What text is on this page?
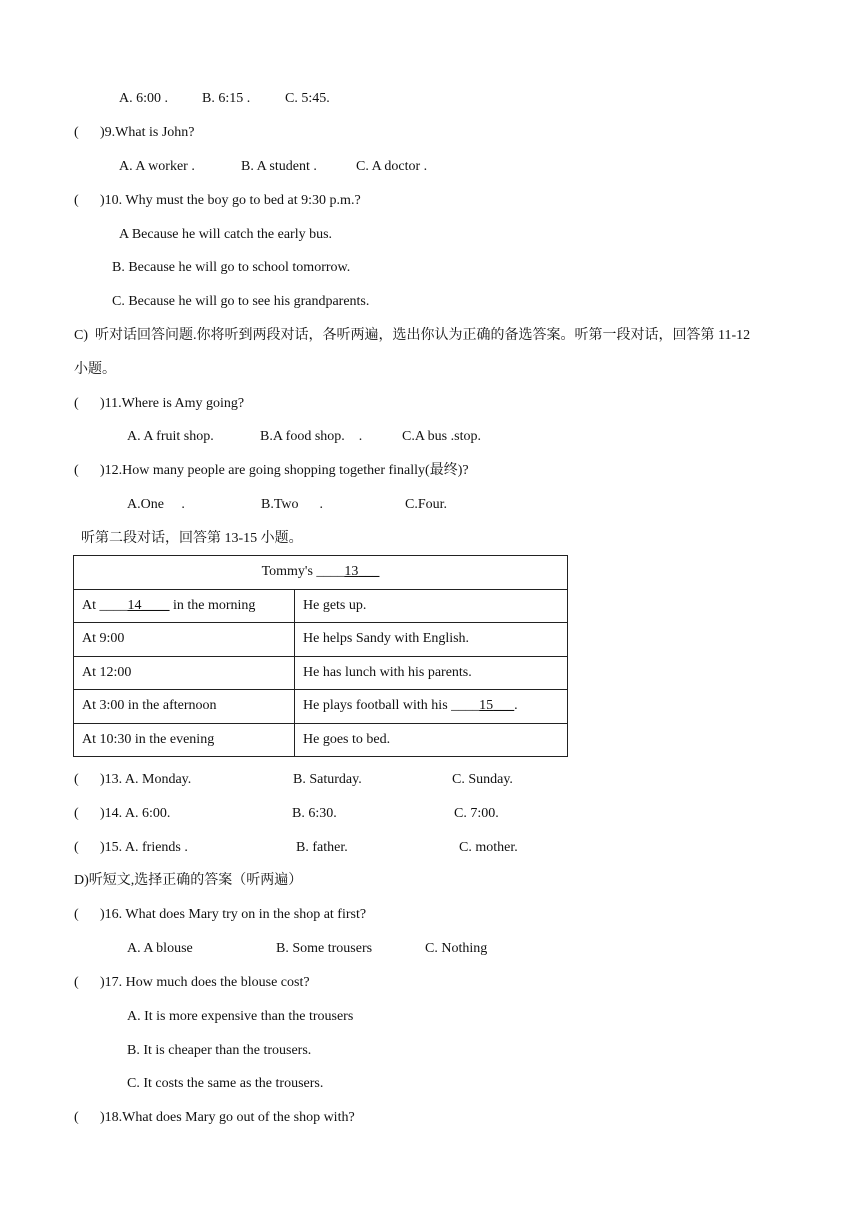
A. 6:00 . B. 6:15 . C. 5:45.
( )9.What is John?
A. A worker .	B. A student .	C. A doctor .
( )10. Why must the boy go to bed at 9:30 p.m.?
A Because he will catch the early bus.
B. Because he will go to school tomorrow.
C. Because he will go to see his grandparents.
C)  听对话回答问题.你将听到两段对话，各听两遍，选出你认为正确的备选答案。听第一段对话，回答第 11-12
小题。
( )11.Where is Amy going?
A. A fruit shop.	B.A food shop.    .	C.A bus .stop.
( )12.How many people are going shopping together finally(最终)?
A.One     .	B.Two      .	C.Four.
听第二段对话，回答第 13-15 小题。
Tommy's ____13___	
At ____14____ in the morning	He gets up.
At 9:00	He helps Sandy with English.
At 12:00	He has lunch with his parents.
At 3:00 in the afternoon	He plays football with his ____15___.
At 10:30 in the evening	He goes to bed.
( )13. A. Monday.	B. Saturday.	C. Sunday.
( )14. A. 6:00.	B. 6:30.	C. 7:00.
( )15. A. friends .	B. father.	C. mother.
D)听短文,选择正确的答案（听两遍）
( )16. What does Mary try on in the shop at first?
A. A blouse	B. Some trousers	C. Nothing
( )17. How much does the blouse cost?
A. It is more expensive than the trousers
B. It is cheaper than the trousers.
C. It costs the same as the trousers.
( )18.What does Mary go out of the shop with?
